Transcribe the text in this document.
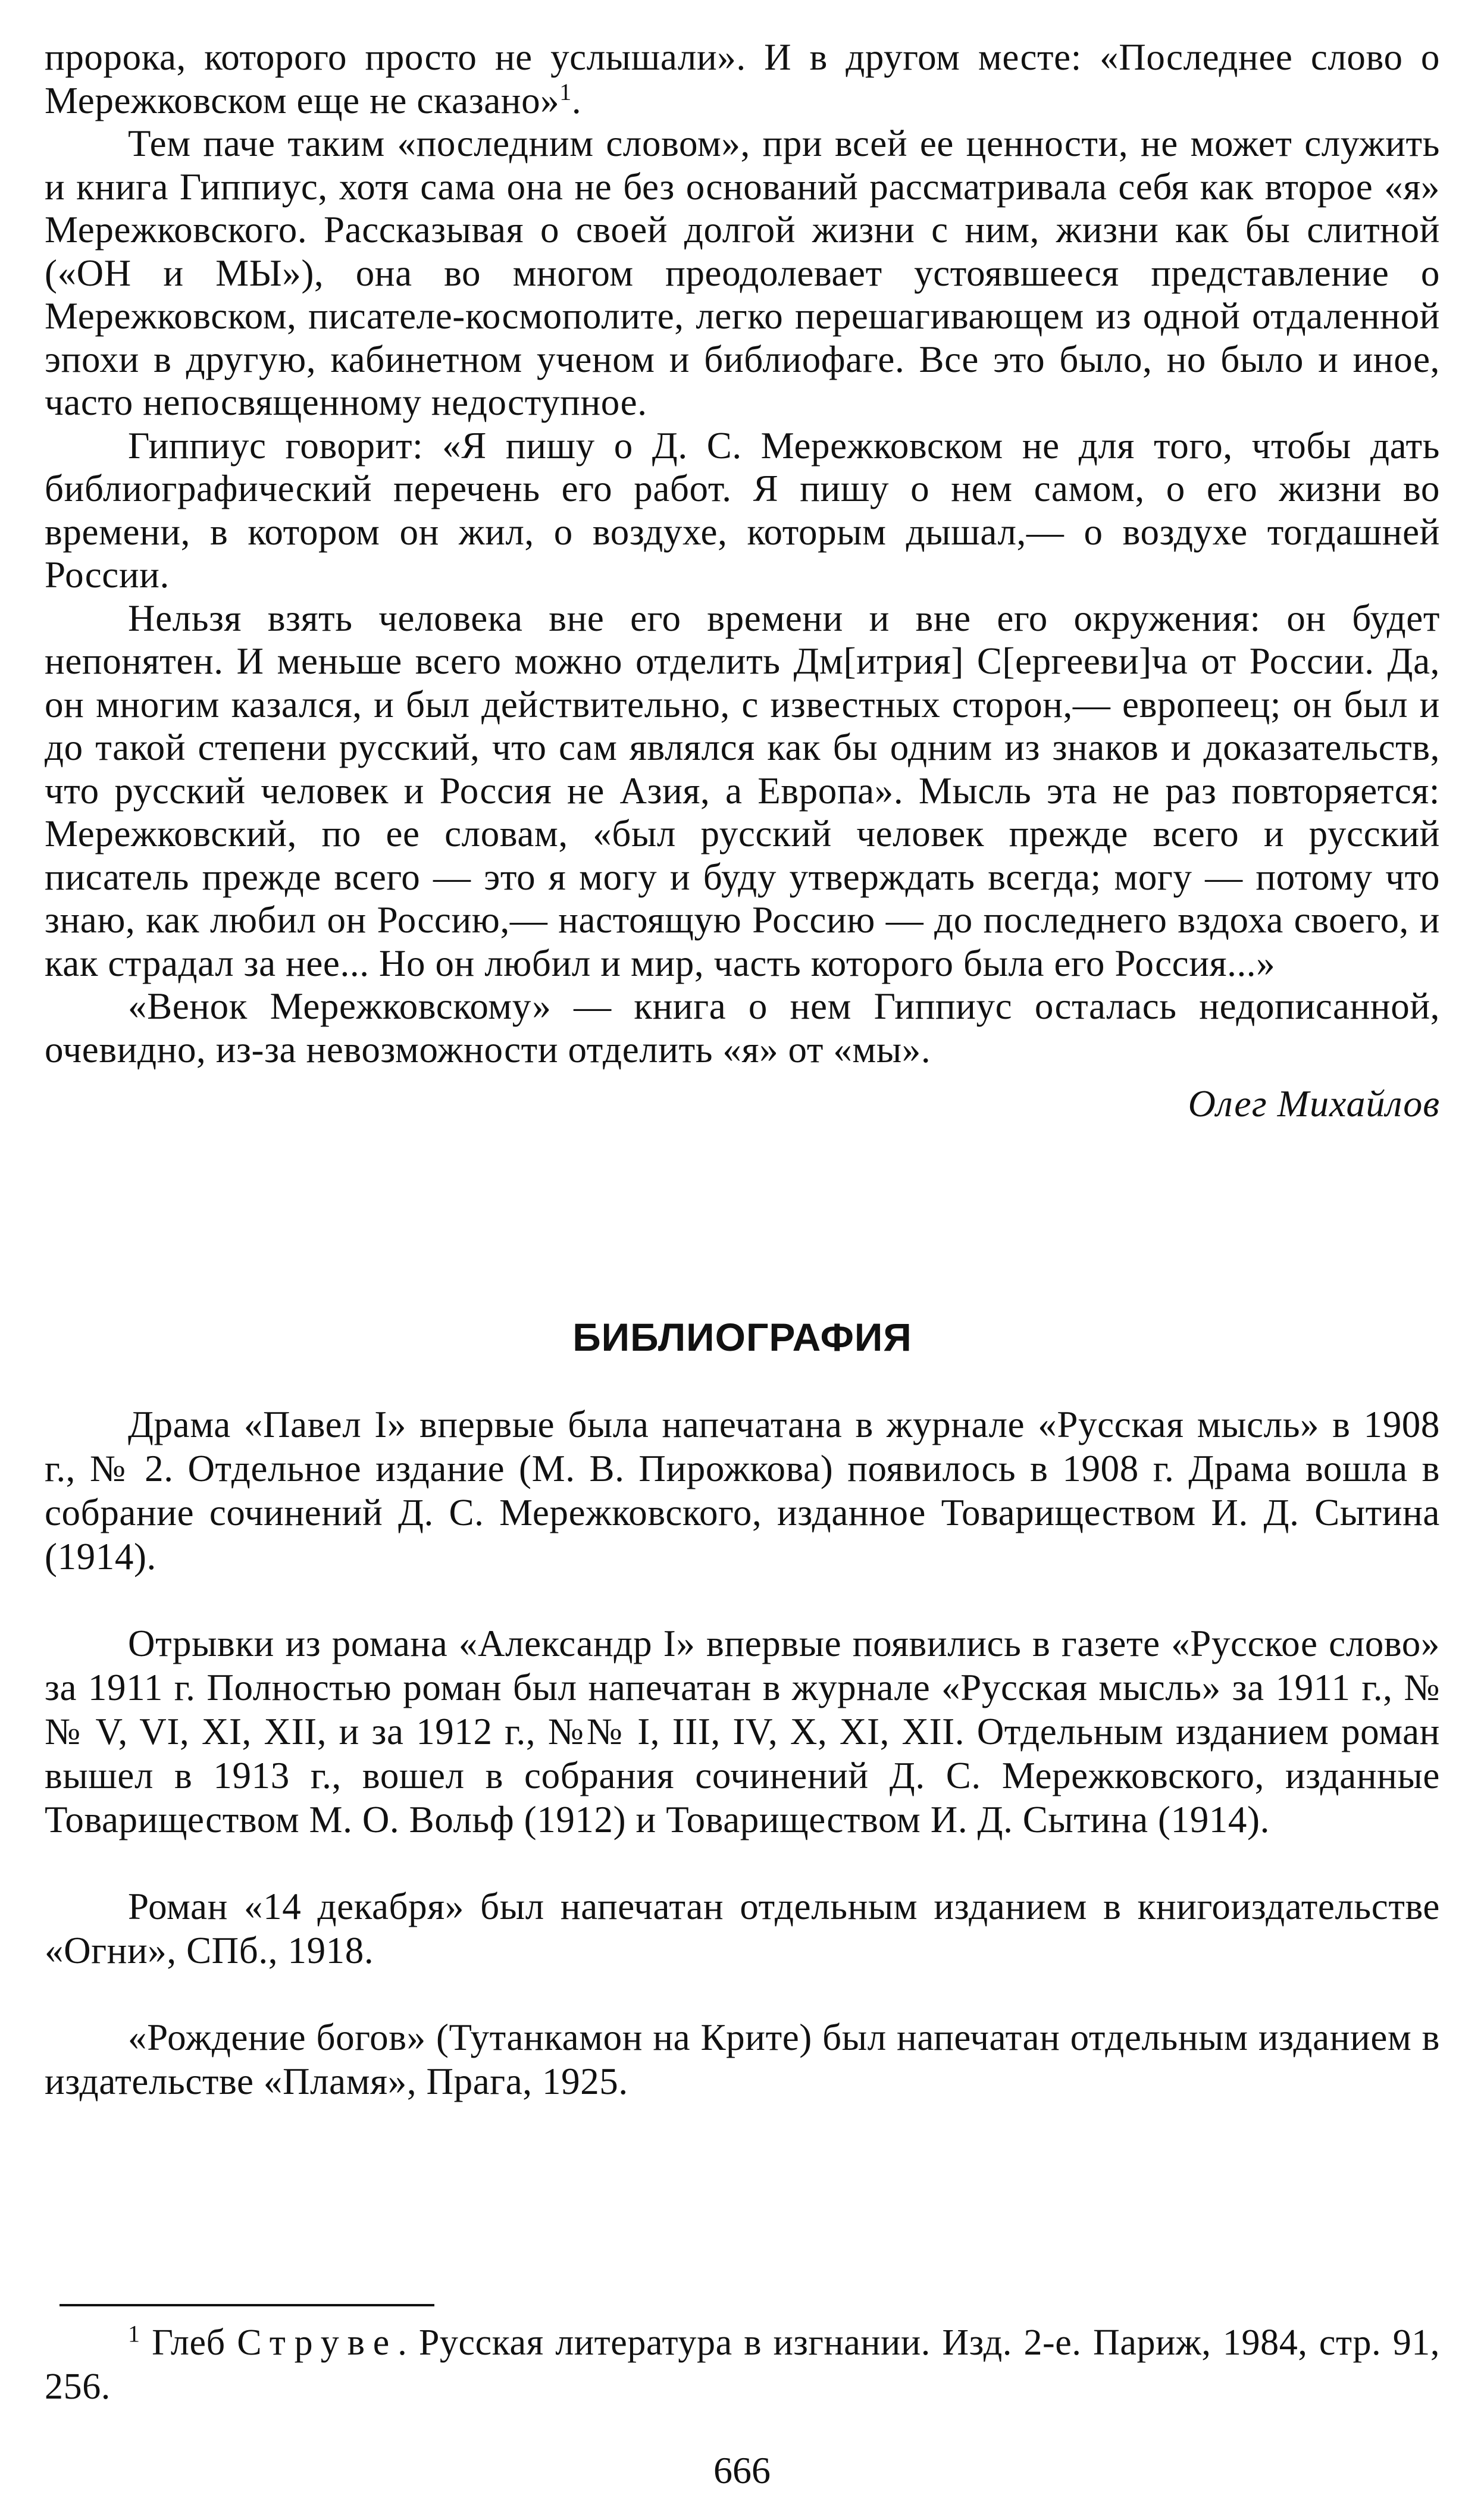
пророка, которого просто не услышали». И в другом месте: «Последнее слово о Мережковском еще не сказано»$^1$.

Тем паче таким «последним словом», при всей ее ценности, не может служить и книга Гиппиус, хотя сама она не без оснований рассматривала себя как второе «я» Мережковского. Рассказывая о своей долгой жизни с ним, жизни как бы слитной («ОН и МЫ»), она во многом преодолевает устоявшееся представление о Мережковском, писателе-космополите, легко перешагивающем из одной отдаленной эпохи в другую, кабинетном ученом и библиофаге. Все это было, но было и иное, часто непосвященному недоступное.

Гиппиус говорит: «Я пишу о Д. С. Мережковском не для того, чтобы дать библиографический перечень его работ. Я пишу о нем самом, о его жизни во времени, в котором он жил, о воздухе, которым дышал,— о воздухе тогдашней России.

Нельзя взять человека вне его времени и вне его окружения: он будет непонятен. И меньше всего можно отделить Дм[итрия] С[ергееви]ча от России. Да, он многим казался, и был действительно, с известных сторон,— европеец; он был и до такой степени русский, что сам являлся как бы одним из знаков и доказательств, что русский человек и Россия не Азия, а Европа». Мысль эта не раз повторяется: Мережковский, по ее словам, «был русский человек прежде всего и русский писатель прежде всего — это я могу и буду утверждать всегда; могу — потому что знаю, как любил он Россию,— настоящую Россию — до последнего вздоха своего, и как страдал за нее... Но он любил и мир, часть которого была его Россия...»

«Венок Мережковскому» — книга о нем Гиппиус осталась недописанной, очевидно, из-за невозможности отделить «я» от «мы».

Олег Михайлов

БИБЛИОГРАФИЯ

Драма «Павел I» впервые была напечатана в журнале «Русская мысль» в 1908 г., № 2. Отдельное издание (М. В. Пирожкова) появилось в 1908 г. Драма вошла в собрание сочинений Д. С. Мережковского, изданное Товариществом И. Д. Сытина (1914).

Отрывки из романа «Александр I» впервые появились в газете «Русское слово» за 1911 г. Полностью роман был напечатан в журнале «Русская мысль» за 1911 г., №№ V, VI, XI, XII, и за 1912 г., №№ I, III, IV, X, XI, XII. Отдельным изданием роман вышел в 1913 г., вошел в собрания сочинений Д. С. Мережковского, изданные Товариществом М. О. Вольф (1912) и Товариществом И. Д. Сытина (1914).

Роман «14 декабря» был напечатан отдельным изданием в книгоиздательстве «Огни», СПб., 1918.

«Рождение богов» (Тутанкамон на Крите) был напечатан отдельным изданием в издательстве «Пламя», Прага, 1925.

$^1$ Глеб Струве. Русская литература в изгнании. Изд. 2-е. Париж, 1984, стр. 91, 256.

666
